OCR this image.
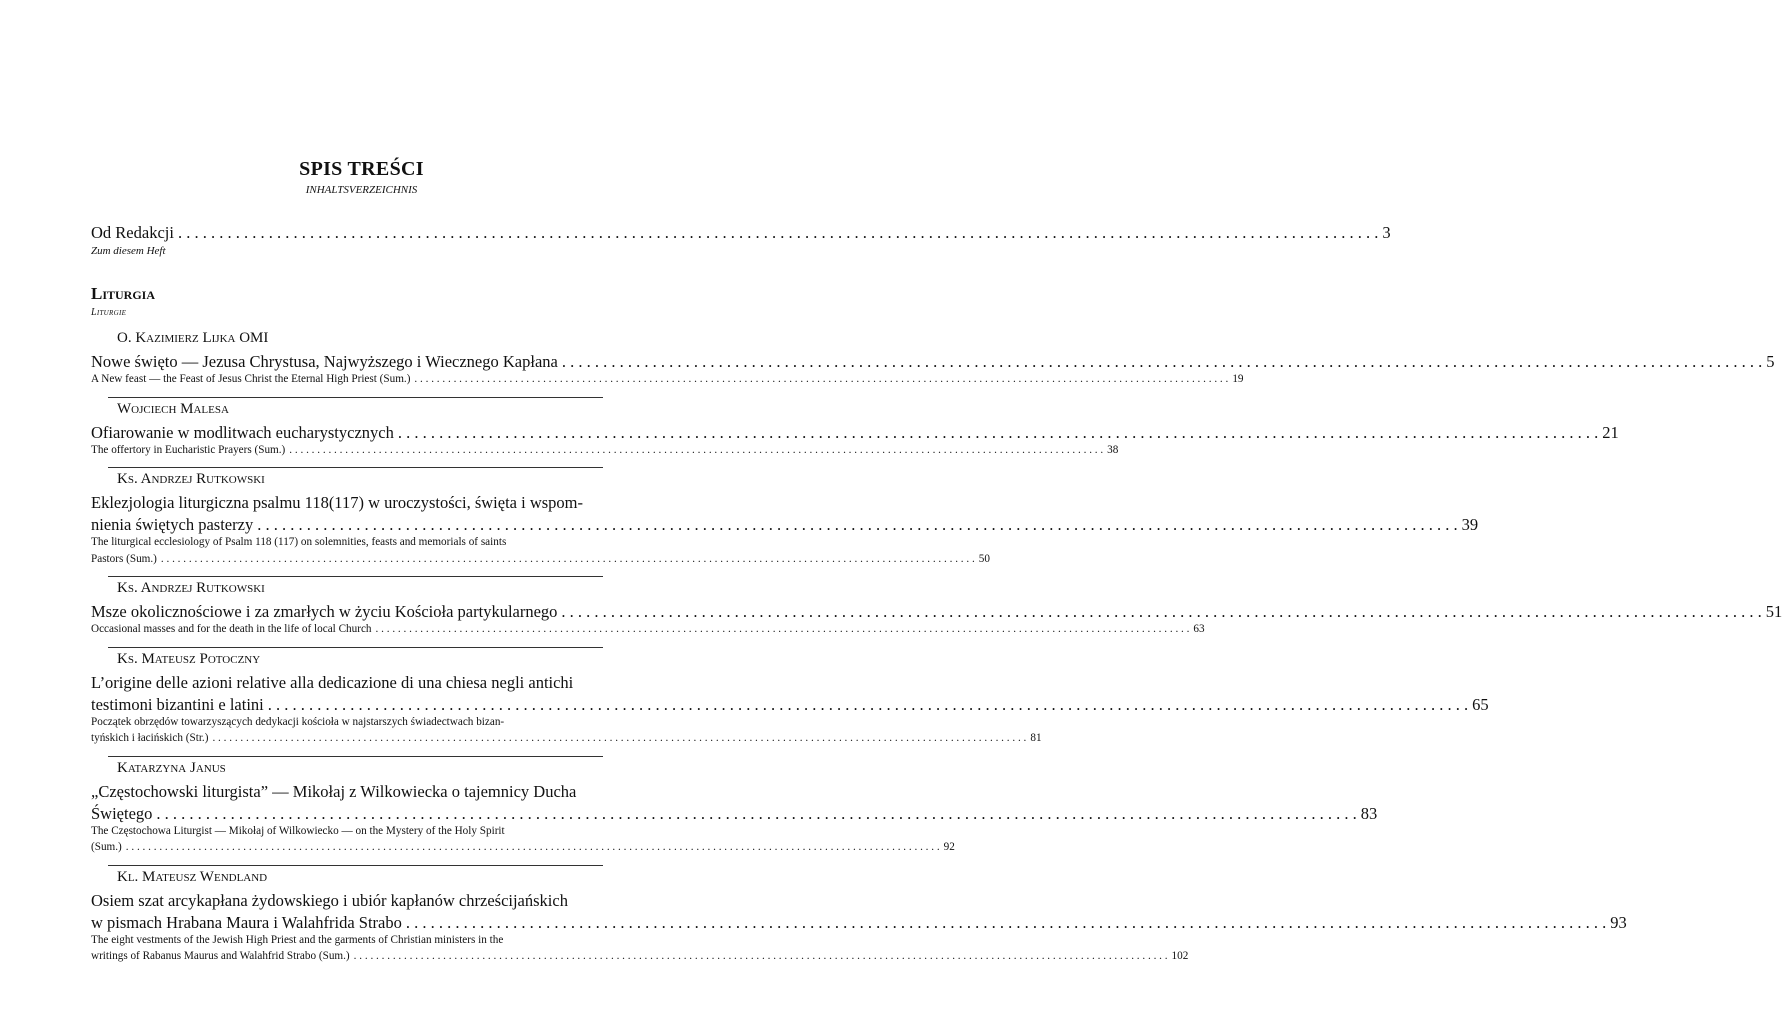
SPIS TREŚCI
INHALTSVERZEICHNIS
Od Redakcji . . .	3
Zum diesem Heft
Liturgia
Liturgie
O. Kazimierz Lijka OMI
Nowe święto — Jezusa Chrystusa, Najwyższego i Wiecznego Kapłana . . .	5
A New feast — the Feast of Jesus Christ the Eternal High Priest (Sum.) . . .	19
Wojciech Malesa
Ofiarowanie w modlitwach eucharystycznych . . .	21
The offertory in Eucharistic Prayers (Sum.) . . .	38
Ks. Andrzej Rutkowski
Eklezjologia liturgiczna psalmu 118(117) w uroczystości, święta i wspom-
nienia świętych pasterzy . . .	39
The liturgical ecclesiology of Psalm 118 (117) on solemnities, feasts and memorials of saints
Pastors (Sum.) . . .	50
Ks. Andrzej Rutkowski
Msze okolicznościowe i za zmarłych w życiu Kościoła partykularnego . . .	51
Occasional masses and for the death in the life of local Church . . .	63
Ks. Mateusz Potoczny
L’origine delle azioni relative alla dedicazione di una chiesa negli antichi
testimoni bizantini e latini . . .	65
Początek obrzędów towarzyszących dedykacji kościoła w najstarszych świadectwach bizan-
tyńskich i łacińskich (Str.) . . .	81
Katarzyna Janus
„Częstochowski liturgista” — Mikołaj z Wilkowiecka o tajemnicy Ducha
Świętego . . .	83
The Częstochowa Liturgist — Mikołaj of Wilkowiecko — on the Mystery of the Holy Spirit
(Sum.) . . .	92
Kl. Mateusz Wendland
Osiem szat arcykapłana żydowskiego i ubiór kapłanów chrześcijańskich
w pismach Hrabana Maura i Walahfrida Strabo . . .	93
The eight vestments of the Jewish High Priest and the garments of Christian ministers in the
writings of Rabanus Maurus and Walahfrid Strabo (Sum.) . . .	102
